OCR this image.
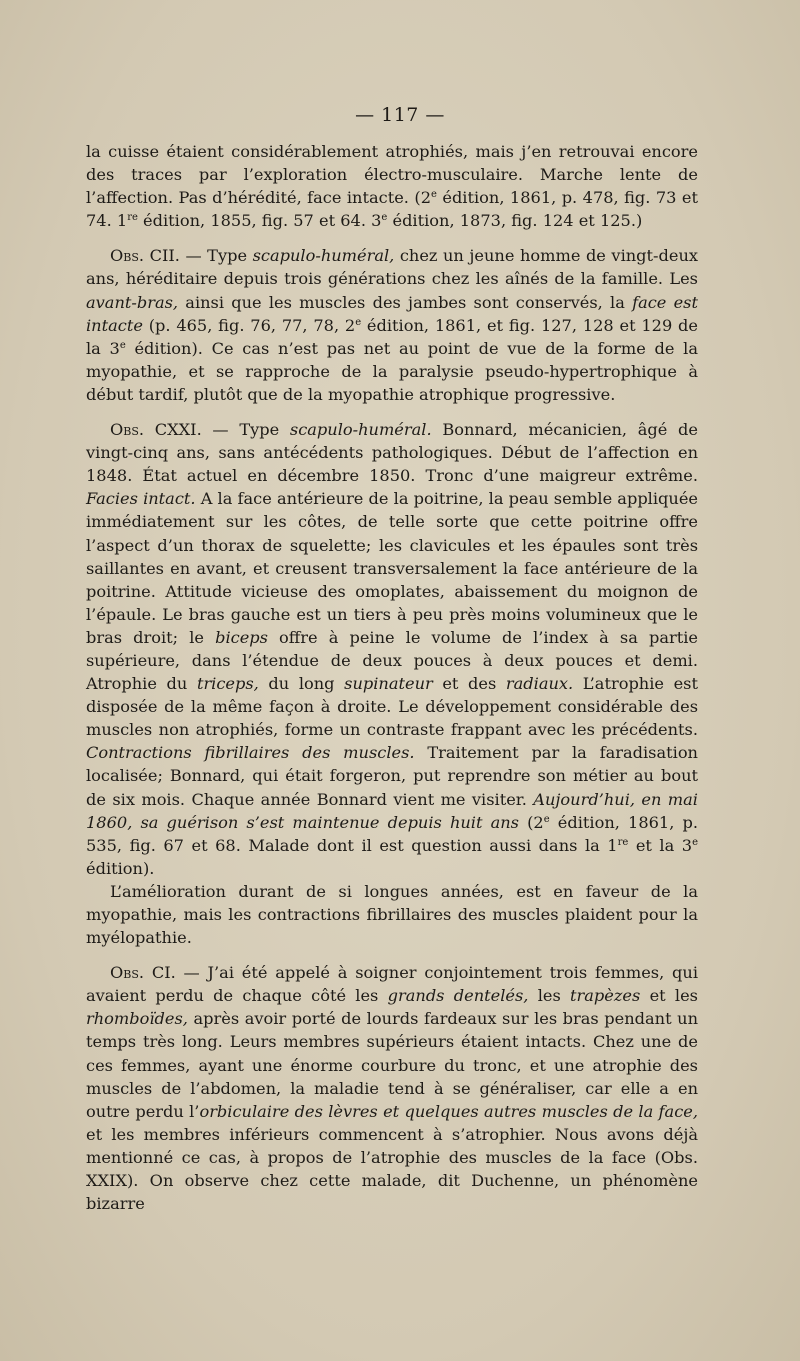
— 117 —

la cuisse étaient considérablement atrophiés, mais j’en retrouvai encore des traces par l’exploration électro-musculaire. Marche lente de l’affection. Pas d’hérédité, face intacte. (2e édition, 1861, p. 478, fig. 73 et 74. 1re édition, 1855, fig. 57 et 64. 3e édition, 1873, fig. 124 et 125.)

Obs. CII. — Type scapulo-huméral, chez un jeune homme de vingt-deux ans, héréditaire depuis trois générations chez les aînés de la famille. Les avant-bras, ainsi que les muscles des jambes sont conservés, la face est intacte (p. 465, fig. 76, 77, 78, 2e édition, 1861, et fig. 127, 128 et 129 de la 3e édition). Ce cas n’est pas net au point de vue de la forme de la myopathie, et se rapproche de la paralysie pseudo-hypertrophique à début tardif, plutôt que de la myopathie atrophique progressive.

Obs. CXXI. — Type scapulo-huméral. Bonnard, mécanicien, âgé de vingt-cinq ans, sans antécédents pathologiques. Début de l’affection en 1848. État actuel en décembre 1850. Tronc d’une maigreur extrême. Facies intact. A la face antérieure de la poitrine, la peau semble appliquée immédiatement sur les côtes, de telle sorte que cette poitrine offre l’aspect d’un thorax de squelette; les clavicules et les épaules sont très saillantes en avant, et creusent transversalement la face antérieure de la poitrine. Attitude vicieuse des omoplates, abaissement du moignon de l’épaule. Le bras gauche est un tiers à peu près moins volumineux que le bras droit; le biceps offre à peine le volume de l’index à sa partie supérieure, dans l’étendue de deux pouces à deux pouces et demi. Atrophie du triceps, du long supinateur et des radiaux. L’atrophie est disposée de la même façon à droite. Le développement considérable des muscles non atrophiés, forme un contraste frappant avec les précédents. Contractions fibrillaires des muscles. Traitement par la faradisation localisée; Bonnard, qui était forgeron, put reprendre son métier au bout de six mois. Chaque année Bonnard vient me visiter. Aujourd’hui, en mai 1860, sa guérison s’est maintenue depuis huit ans (2e édition, 1861, p. 535, fig. 67 et 68. Malade dont il est question aussi dans la 1re et la 3e édition).

L’amélioration durant de si longues années, est en faveur de la myopathie, mais les contractions fibrillaires des muscles plaident pour la myélopathie.

Obs. CI. — J’ai été appelé à soigner conjointement trois femmes, qui avaient perdu de chaque côté les grands dentelés, les trapèzes et les rhomboïdes, après avoir porté de lourds fardeaux sur les bras pendant un temps très long. Leurs membres supérieurs étaient intacts. Chez une de ces femmes, ayant une énorme courbure du tronc, et une atrophie des muscles de l’abdomen, la maladie tend à se généraliser, car elle a en outre perdu l’orbiculaire des lèvres et quelques autres muscles de la face, et les membres inférieurs commencent à s’atrophier. Nous avons déjà mentionné ce cas, à propos de l’atrophie des muscles de la face (Obs. XXIX). On observe chez cette malade, dit Duchenne, un phénomène bizarre
